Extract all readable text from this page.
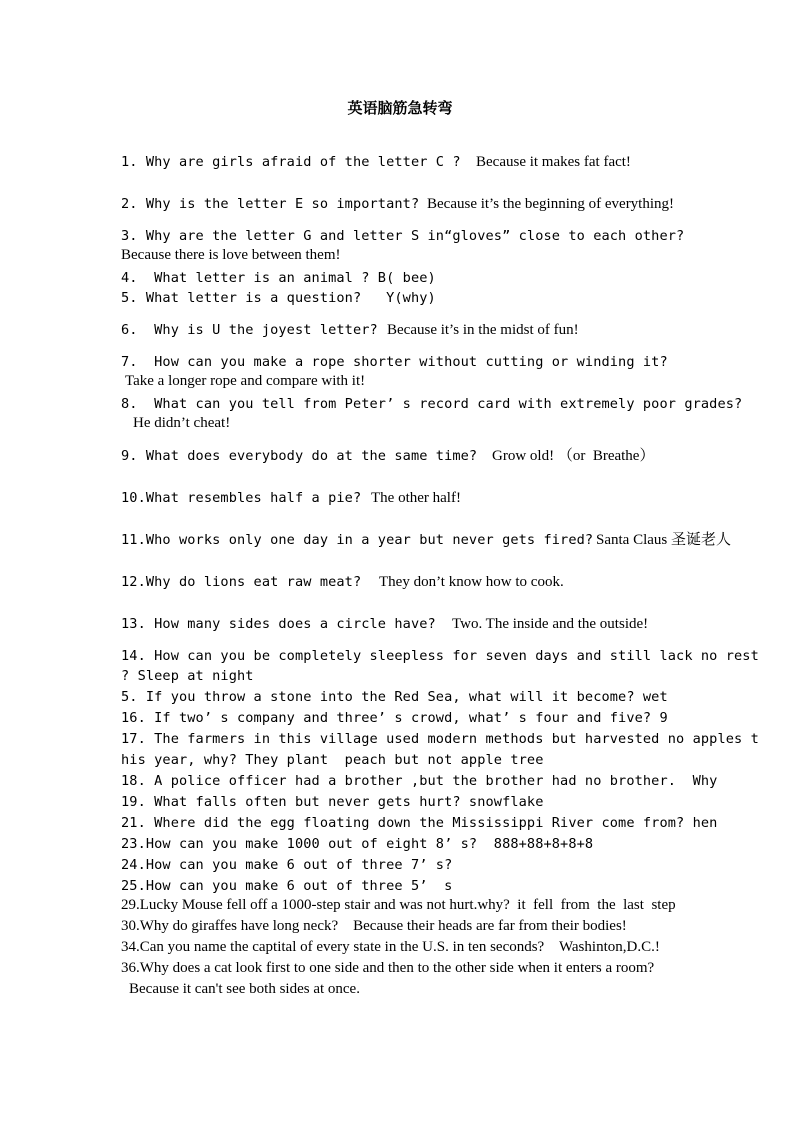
英语脑筋急转弯
1. Why are girls afraid of the letter C ? Because it makes fat fact!
2. Why is the letter E so important? Because it’s the beginning of everything!
3. Why are the letter G and letter S in“gloves” close to each other?
Because there is love between them!
4.  What letter is an animal ? B( bee)
5. What letter is a question?   Y(why)
6.  Why is U the joyest letter? Because it’s in the midst of fun!
7.  How can you make a rope shorter without cutting or winding it?
Take a longer rope and compare with it!
8.  What can you tell from Peter’ s record card with extremely poor grades?
He didn’t cheat!
9. What does everybody do at the same time? Grow old! （or  Breathe）
10.What resembles half a pie? The other half!
11.Who works only one day in a year but never gets fired? Santa Claus 圣诞老人
12.Why do lions eat raw meat? They don’t know how to cook.
13. How many sides does a circle have? Two. The inside and the outside!
14. How can you be completely sleepless for seven days and still lack no rest
? Sleep at night
5. If you throw a stone into the Red Sea, what will it become? wet
16. If two’ s company and three’ s crowd, what’ s four and five? 9
17. The farmers in this village used modern methods but harvested no apples t
his year, why? They plant  peach but not apple tree
18. A police officer had a brother ,but the brother had no brother.  Why
19. What falls often but never gets hurt? snowflake
21. Where did the egg floating down the Mississippi River come from? hen
23.How can you make 1000 out of eight 8’ s?  888+88+8+8+8
24.How can you make 6 out of three 7’ s?
25.How can you make 6 out of three 5’  s
29.Lucky Mouse fell off a 1000-step stair and was not hurt.why?  it  fell  from  the  last  step
30.Why do giraffes have long neck?    Because their heads are far from their bodies!
34.Can you name the captital of every state in the U.S. in ten seconds?    Washinton,D.C.!
36.Why does a cat look first to one side and then to the other side when it enters a room?
Because it can't see both sides at once.
